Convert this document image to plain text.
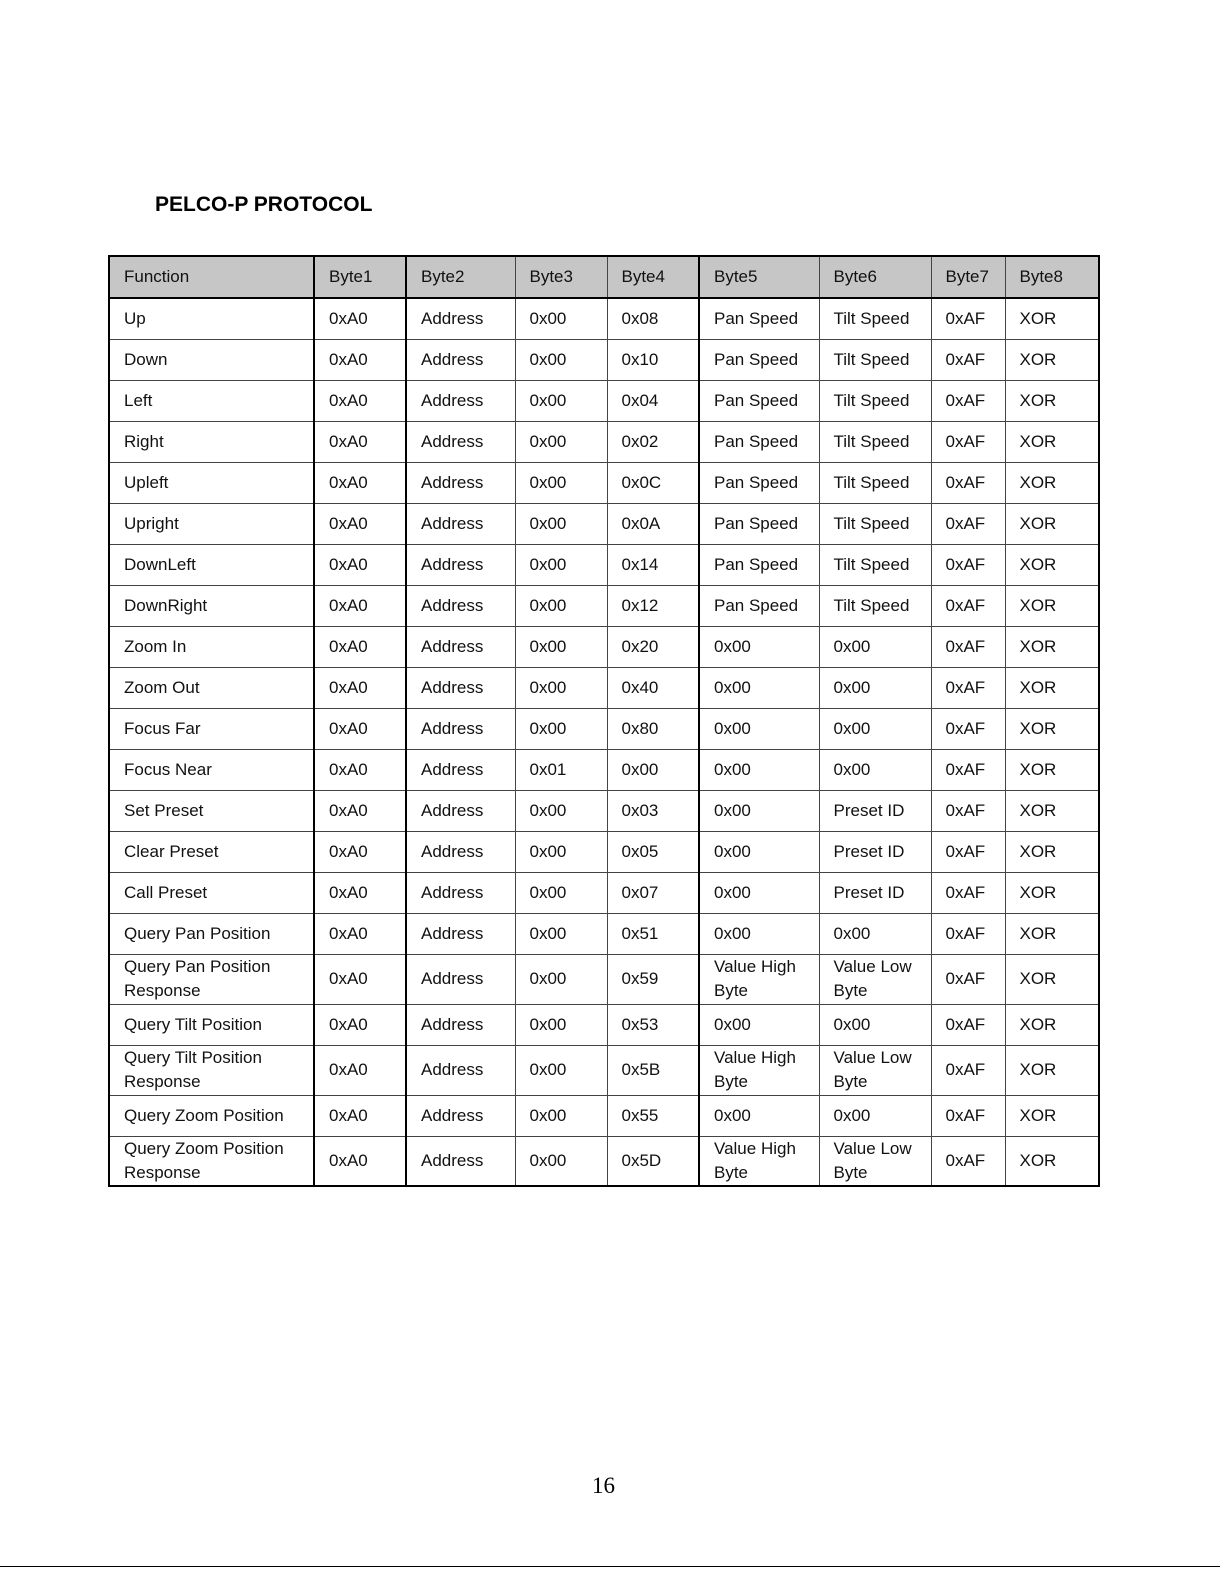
PELCO-P PROTOCOL
Function	Byte1	Byte2	Byte3	Byte4	Byte5	Byte6	Byte7	Byte8
Up	0xA0	Address	0x00	0x08	Pan Speed	Tilt Speed	0xAF	XOR
Down	0xA0	Address	0x00	0x10	Pan Speed	Tilt Speed	0xAF	XOR
Left	0xA0	Address	0x00	0x04	Pan Speed	Tilt Speed	0xAF	XOR
Right	0xA0	Address	0x00	0x02	Pan Speed	Tilt Speed	0xAF	XOR
Upleft	0xA0	Address	0x00	0x0C	Pan Speed	Tilt Speed	0xAF	XOR
Upright	0xA0	Address	0x00	0x0A	Pan Speed	Tilt Speed	0xAF	XOR
DownLeft	0xA0	Address	0x00	0x14	Pan Speed	Tilt Speed	0xAF	XOR
DownRight	0xA0	Address	0x00	0x12	Pan Speed	Tilt Speed	0xAF	XOR
Zoom In	0xA0	Address	0x00	0x20	0x00	0x00	0xAF	XOR
Zoom Out	0xA0	Address	0x00	0x40	0x00	0x00	0xAF	XOR
Focus Far	0xA0	Address	0x00	0x80	0x00	0x00	0xAF	XOR
Focus Near	0xA0	Address	0x01	0x00	0x00	0x00	0xAF	XOR
Set Preset	0xA0	Address	0x00	0x03	0x00	Preset ID	0xAF	XOR
Clear Preset	0xA0	Address	0x00	0x05	0x00	Preset ID	0xAF	XOR
Call Preset	0xA0	Address	0x00	0x07	0x00	Preset ID	0xAF	XOR
Query Pan Position	0xA0	Address	0x00	0x51	0x00	0x00	0xAF	XOR
Query Pan Position Response	0xA0	Address	0x00	0x59	Value High Byte	Value Low Byte	0xAF	XOR
Query Tilt Position	0xA0	Address	0x00	0x53	0x00	0x00	0xAF	XOR
Query Tilt Position Response	0xA0	Address	0x00	0x5B	Value High Byte	Value Low Byte	0xAF	XOR
Query Zoom Position	0xA0	Address	0x00	0x55	0x00	0x00	0xAF	XOR
Query Zoom Position Response	0xA0	Address	0x00	0x5D	Value High Byte	Value Low Byte	0xAF	XOR
16
